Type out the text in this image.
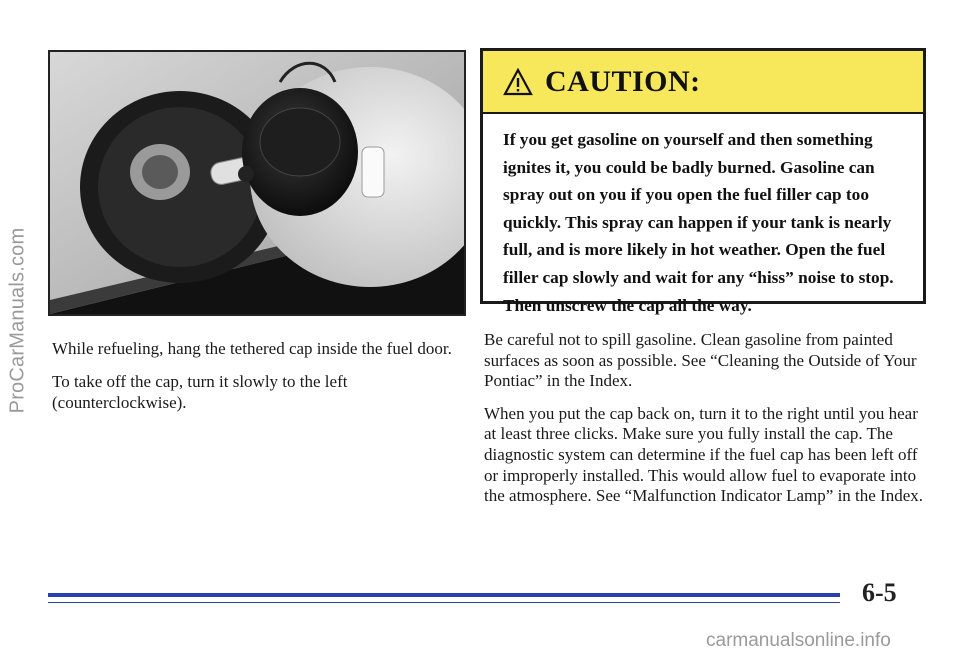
ProCarManuals.com
CAUTION:
If you get gasoline on yourself and then something ignites it, you could be badly burned. Gasoline can spray out on you if you open the fuel filler cap too quickly. This spray can happen if your tank is nearly full, and is more likely in hot weather. Open the fuel filler cap slowly and wait for any “hiss” noise to stop. Then unscrew the cap all the way.

While refueling, hang the tethered cap inside the fuel door.

To take off the cap, turn it slowly to the left (counterclockwise).

Be careful not to spill gasoline. Clean gasoline from painted surfaces as soon as possible. See “Cleaning the Outside of Your Pontiac” in the Index.

When you put the cap back on, turn it to the right until you hear at least three clicks. Make sure you fully install the cap. The diagnostic system can determine if the fuel cap has been left off or improperly installed. This would allow fuel to evaporate into the atmosphere. See “Malfunction Indicator Lamp” in the Index.

6-5
carmanualsonline.info
